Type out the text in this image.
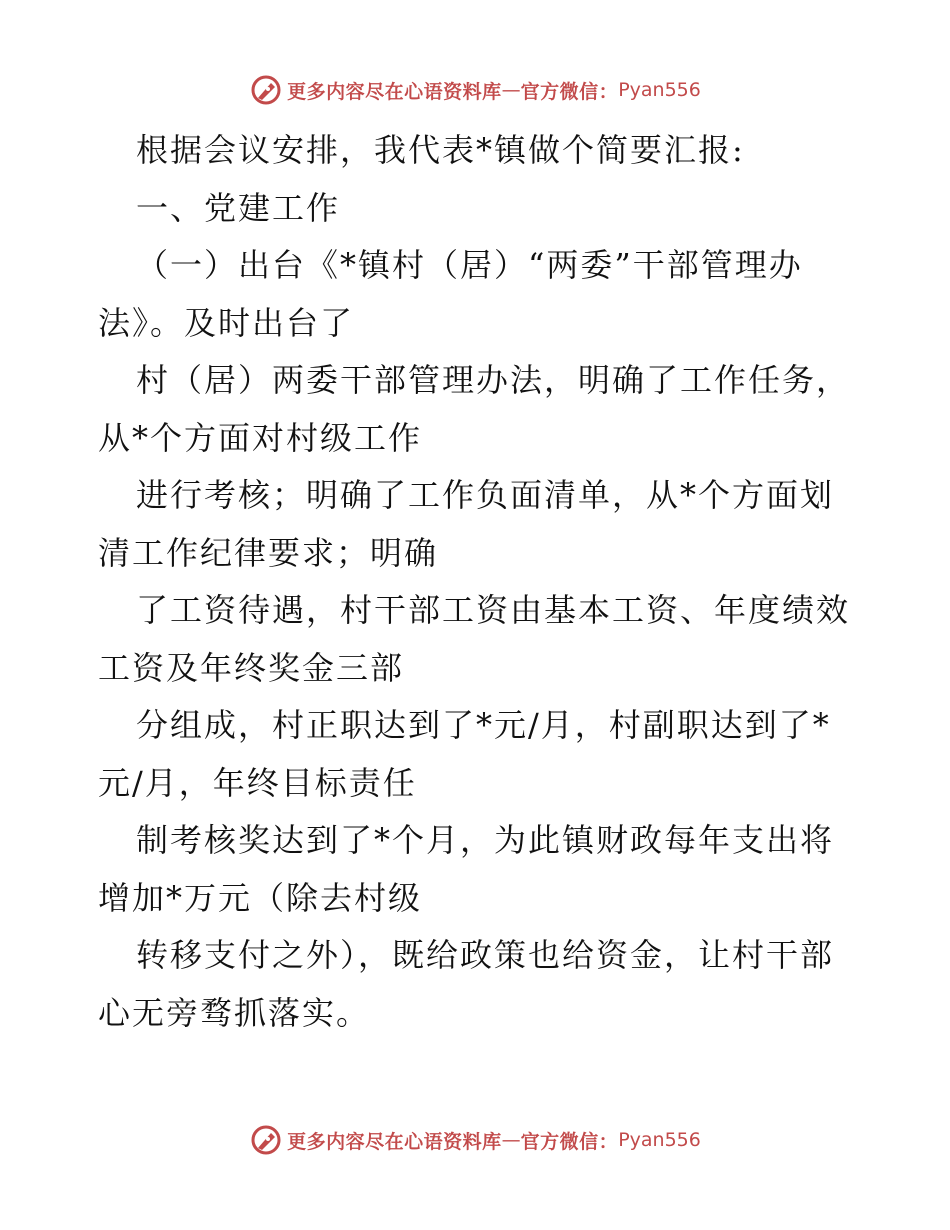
更多内容尽在心语资料库 — 官方微信： Pyan556
根据会议安排，我代表*镇做个简要汇报:
一、党建工作
（一）出台《*镇村（居）“两委”干部管理办
法》。及时出台了
村（居）两委干部管理办法，明确了工作任务，
从*个方面对村级工作
进行考核；明确了工作负面清单，从*个方面划
清工作纪律要求；明确
了工资待遇，村干部工资由基本工资、年度绩效
工资及年终奖金三部
分组成，村正职达到了*元/月，村副职达到了*
元/月，年终目标责任
制考核奖达到了*个月，为此镇财政每年支出将
增加*万元（除去村级
转移支付之外），既给政策也给资金，让村干部
心无旁骛抓落实。
更多内容尽在心语资料库 — 官方微信： Pyan556
